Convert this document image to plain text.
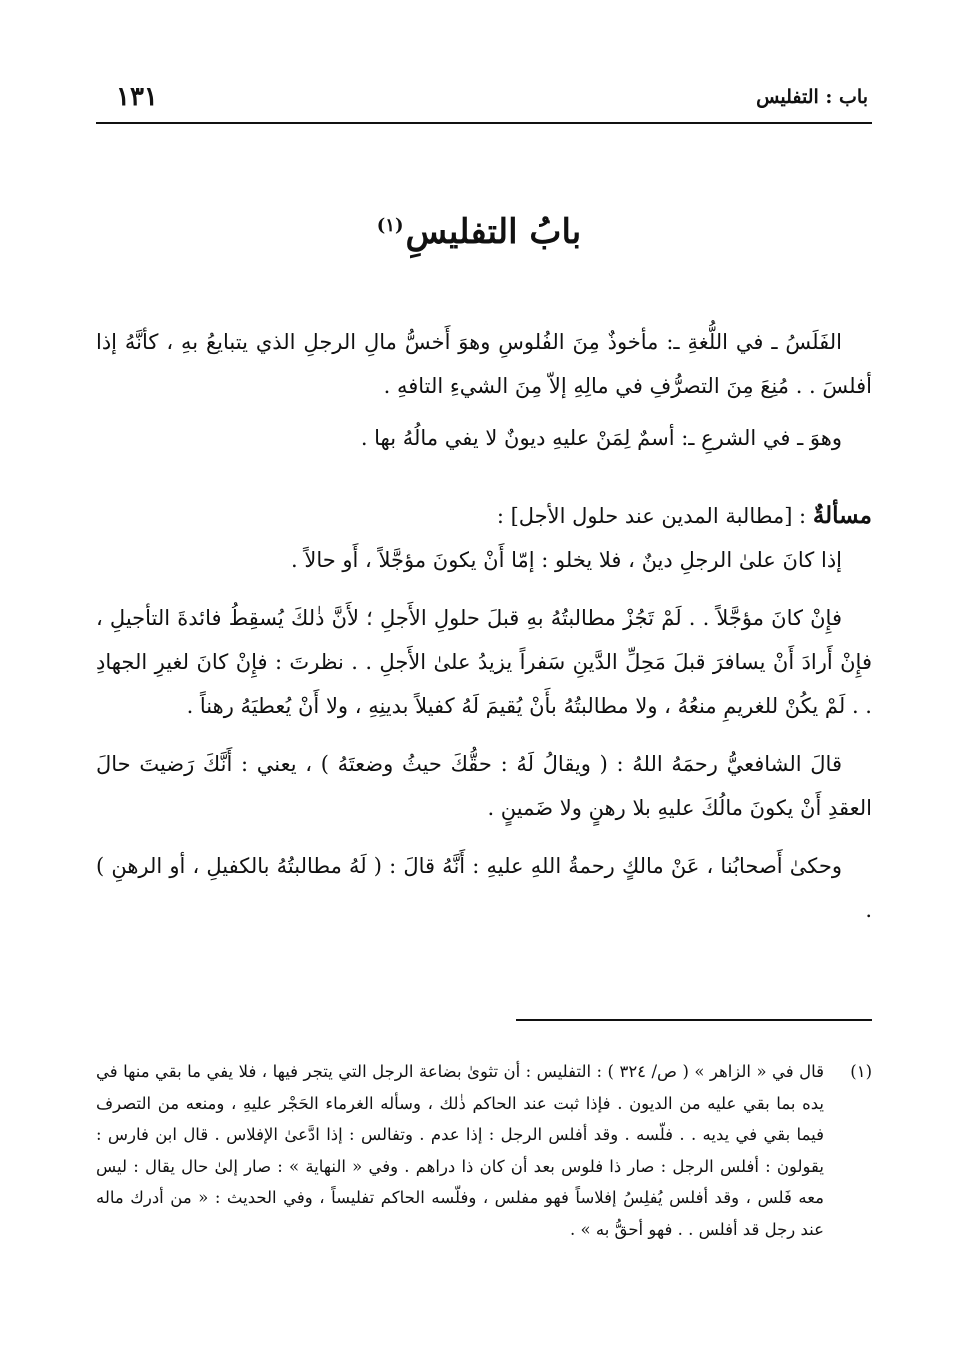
باب : التفليس
١٣١
بابُ التفليسِ$^{(١)}$

الفَلَسُ ـ في اللُّغةِ ـ: مأخوذٌ مِنَ الفُلوسِ وهوَ أَخسُّ مالِ الرجلِ الذي يتبايعُ بهِ ، كأنَّهُ إذا أفلسَ . . مُنِعَ مِنَ التصرُّفِ في مالِهِ إلاّ مِنَ الشيءِ التافهِ .

وهوَ ـ في الشرعِ ـ: أسمٌ لِمَنْ عليهِ ديونٌ لا يفي مالُهُ بها .

مسألةٌ : [مطالبة المدين عند حلول الأجل] :

إذا كانَ علىٰ الرجلِ دينٌ ، فلا يخلو : إمّا أَنْ يكونَ مؤجَّلاً ، أَو حالاً .

فإِنْ كانَ مؤجَّلاً . . لَمْ تَجُزْ مطالبتُهُ بهِ قبلَ حلولِ الأَجلِ ؛ لأَنَّ ذٰلكَ يُسقِطُ فائدةَ التأجيلِ ، فإِنْ أَرادَ أَنْ يسافرَ قبلَ مَحِلِّ الدَّينِ سَفراً يزيدُ علىٰ الأَجلِ . . نظرتَ : فإِنْ كانَ لغيرِ الجهادِ . . لَمْ يكُنْ للغريمِ منعُهُ ، ولا مطالبتُهُ بأَنْ يُقيمَ لَهُ كفيلاً بدينِهِ ، ولا أَنْ يُعطيَهُ رهناً .

قالَ الشافعيُّ رحمَهُ اللهُ : ( ويقالُ لَهُ : حقُّكَ حيثُ وضعتَهُ ) ، يعني : أَنَّكَ رَضيتَ حالَ العقدِ أَنْ يكونَ مالُكَ عليهِ بلا رهنٍ ولا ضَمينٍ .

وحكىٰ أَصحابُنا ، عَنْ مالكٍ رحمةُ اللهِ عليهِ : أَنَّهُ قالَ : ( لَهُ مطالبتُهُ بالكفيلِ ، أو الرهنِ ) .

(١)
قال في « الزاهر » ( ص/ ٣٢٤ ) : التفليس : أن تثوىٰ بضاعة الرجل التي يتجر فيها ، فلا يفي ما بقي منها في يده بما بقي عليه من الديون . فإذا ثبت عند الحاكم ذٰلك ، وسأله الغرماء الحَجْر عليهِ ، ومنعه من التصرف فيما بقي في يديه . . فلّسه . وقد أفلس الرجل : إذا عدم . وتفالس : إذا ادَّعىٰ الإفلاس . قال ابن فارس : يقولون : أفلس الرجل : صار ذا فلوس بعد أن كان ذا دراهم . وفي « النهاية » : صار إلىٰ حال يقال : ليس معه فَلس ، وقد أفلس يُفلِسُ إفلاساً فهو مفلس ، وفلّسه الحاكم تفليساً ، وفي الحديث : « من أدرك ماله عند رجل قد أفلس . . فهو أحقُّ به » .
